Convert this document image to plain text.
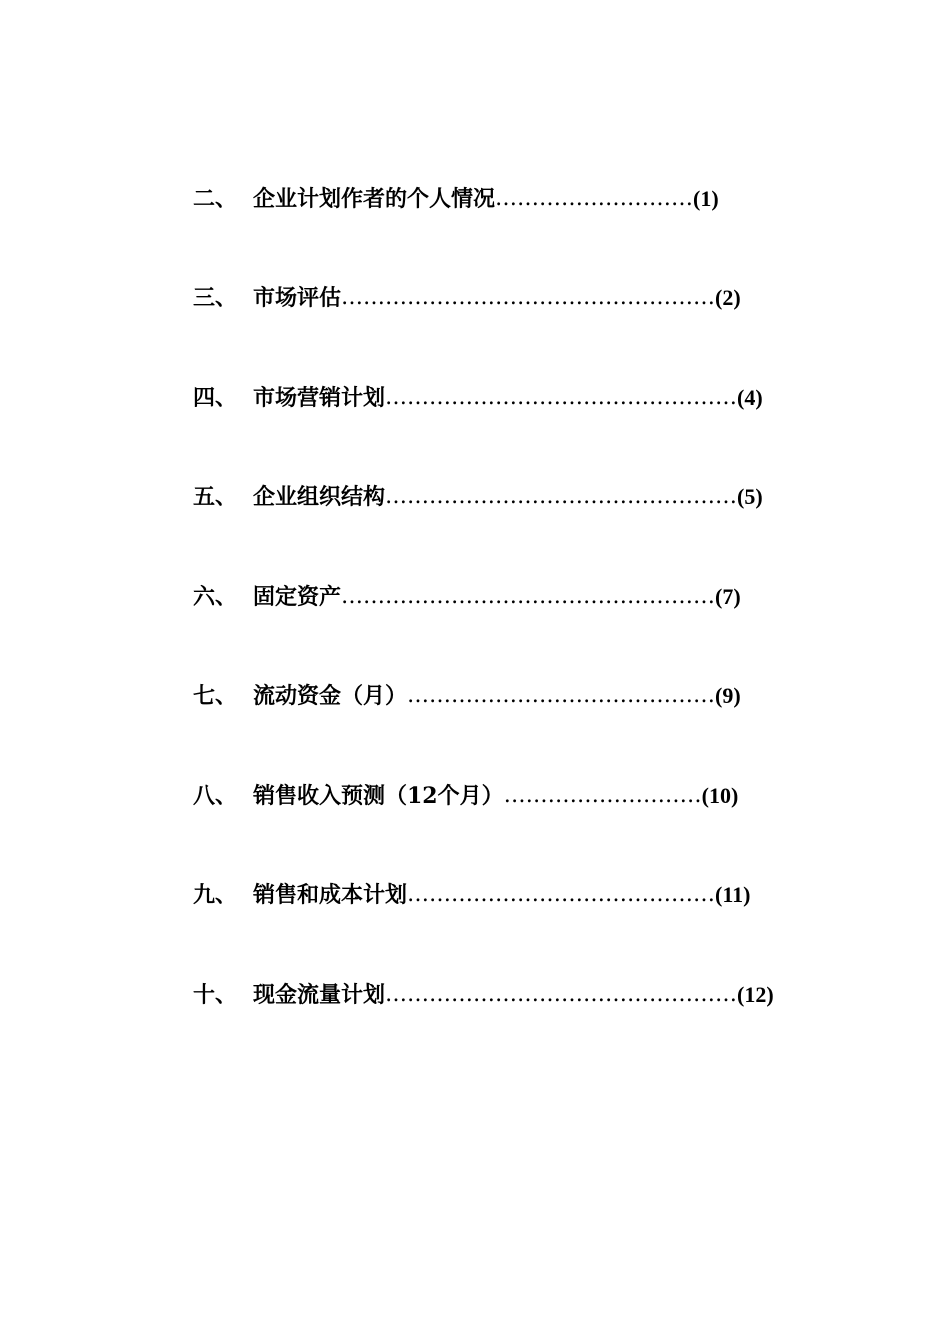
二、 企业计划作者的个人情况………………………(1)
三、 市场评估……………………………………………(2)
四、 市场营销计划…………………………………………(4)
五、 企业组织结构…………………………………………(5)
六、 固定资产……………………………………………(7)
七、 流动资金（月）……………………………………(9)
八、 销售收入预测（12个月）………………………(10)
九、 销售和成本计划……………………………………(11)
十、 现金流量计划…………………………………………(12)
